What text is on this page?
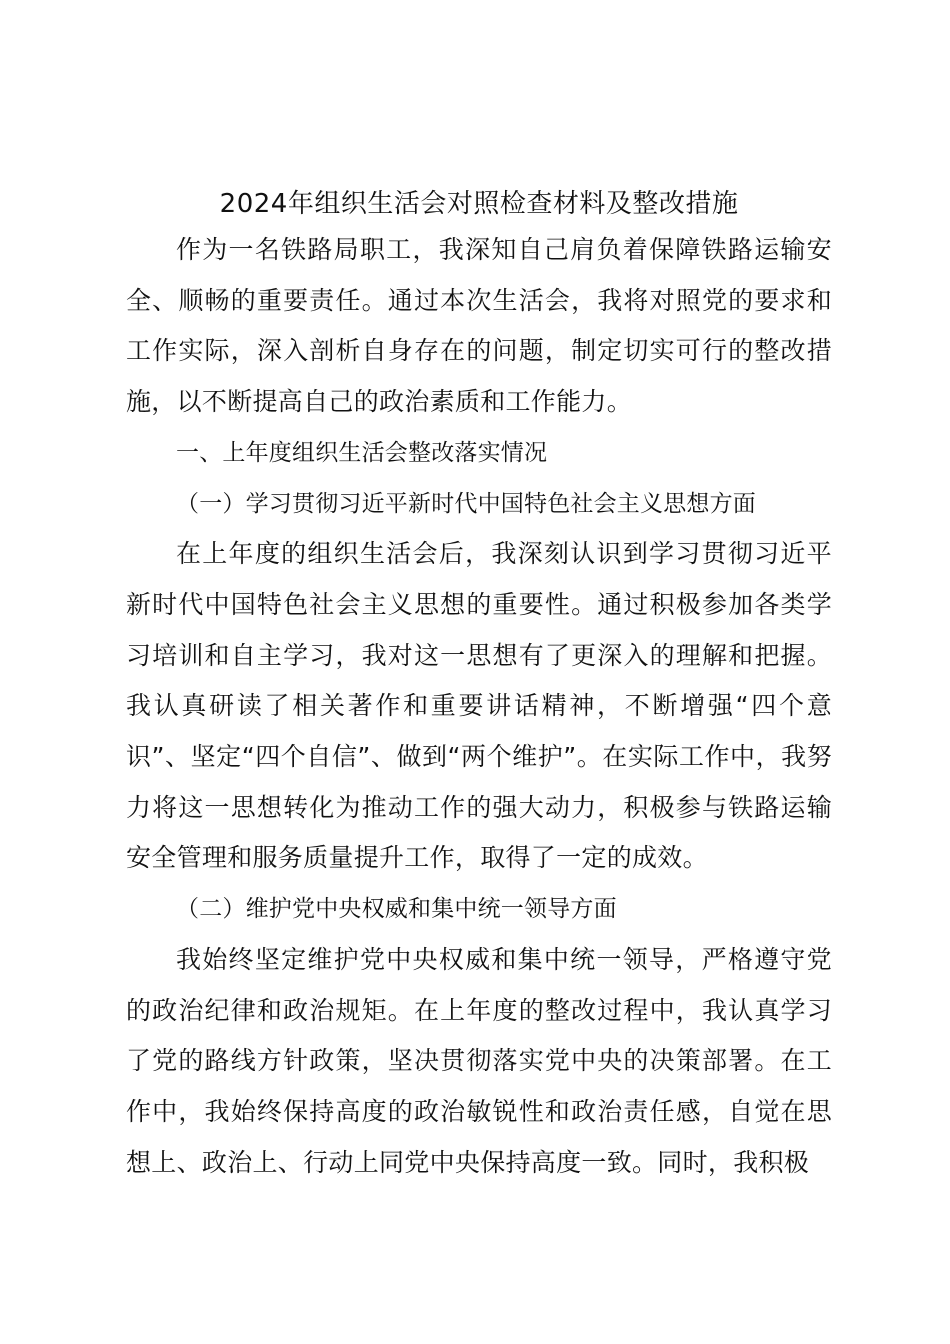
2024年组织生活会对照检查材料及整改措施

作为一名铁路局职工，我深知自己肩负着保障铁路运输安全、顺畅的重要责任。通过本次生活会，我将对照党的要求和工作实际，深入剖析自身存在的问题，制定切实可行的整改措施，以不断提高自己的政治素质和工作能力。

一、上年度组织生活会整改落实情况

（一）学习贯彻习近平新时代中国特色社会主义思想方面

在上年度的组织生活会后，我深刻认识到学习贯彻习近平新时代中国特色社会主义思想的重要性。通过积极参加各类学习培训和自主学习，我对这一思想有了更深入的理解和把握。我认真研读了相关著作和重要讲话精神，不断增强“四个意识”、坚定“四个自信”、做到“两个维护”。在实际工作中，我努力将这一思想转化为推动工作的强大动力，积极参与铁路运输安全管理和服务质量提升工作，取得了一定的成效。

（二）维护党中央权威和集中统一领导方面

我始终坚定维护党中央权威和集中统一领导，严格遵守党的政治纪律和政治规矩。在上年度的整改过程中，我认真学习了党的路线方针政策，坚决贯彻落实党中央的决策部署。在工作中，我始终保持高度的政治敏锐性和政治责任感，自觉在思想上、政治上、行动上同党中央保持高度一致。同时，我积极
